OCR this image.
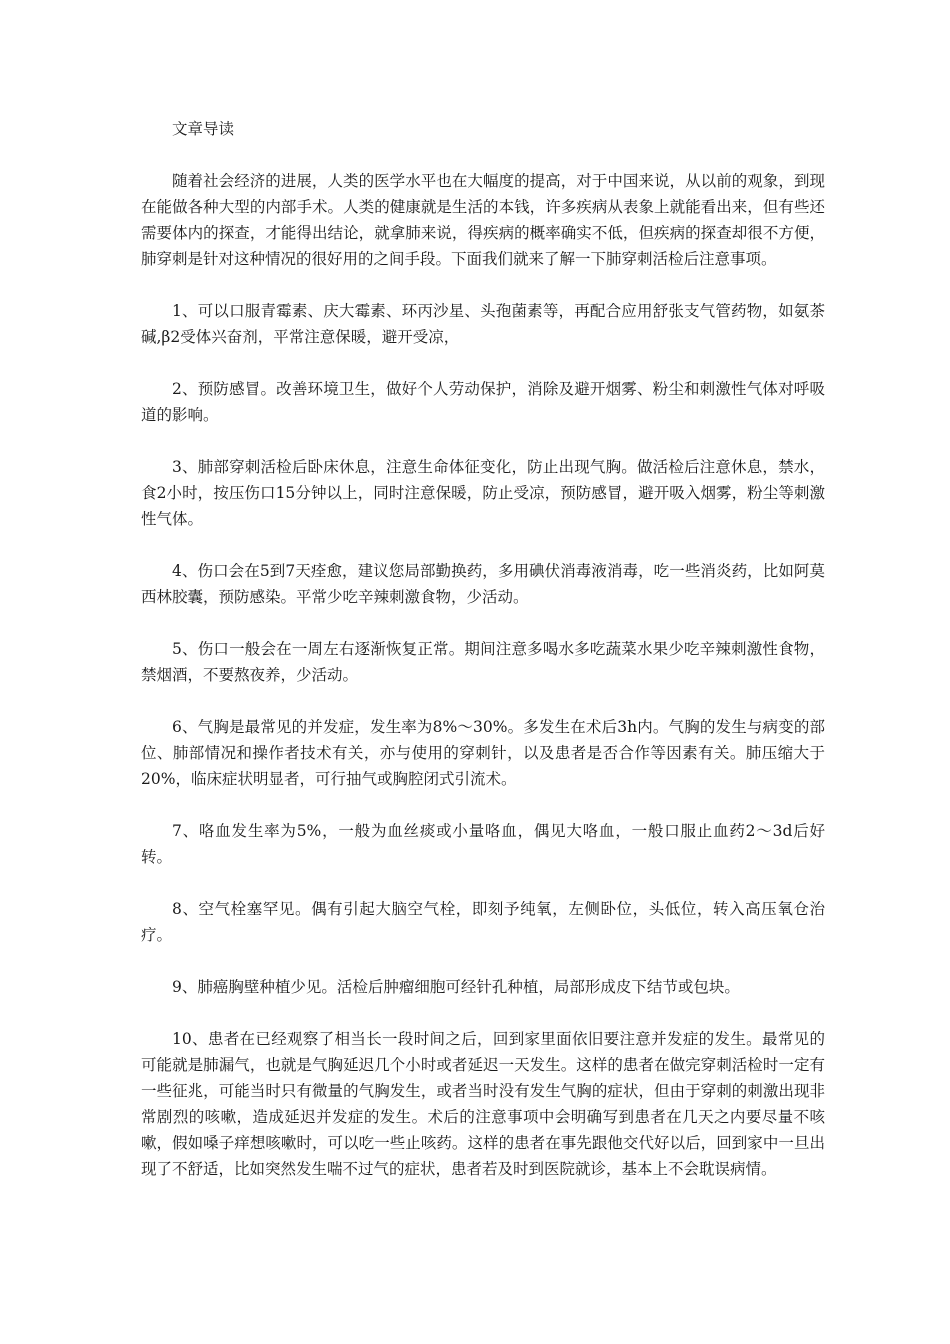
文章导读

随着社会经济的进展，人类的医学水平也在大幅度的提高，对于中国来说，从以前的观象，到现在能做各种大型的内部手术。人类的健康就是生活的本钱，许多疾病从表象上就能看出来，但有些还需要体内的探查，才能得出结论，就拿肺来说，得疾病的概率确实不低，但疾病的探查却很不方便，肺穿刺是针对这种情况的很好用的之间手段。下面我们就来了解一下肺穿刺活检后注意事项。

1、可以口服青霉素、庆大霉素、环丙沙星、头孢菌素等，再配合应用舒张支气管药物，如氨茶碱,β2受体兴奋剂，平常注意保暖，避开受凉，

2、预防感冒。改善环境卫生，做好个人劳动保护，消除及避开烟雾、粉尘和刺激性气体对呼吸道的影响。

3、肺部穿刺活检后卧床休息，注意生命体征变化，防止出现气胸。做活检后注意休息，禁水，食2小时，按压伤口15分钟以上，同时注意保暖，防止受凉，预防感冒，避开吸入烟雾，粉尘等刺激性气体。

4、伤口会在5到7天痊愈，建议您局部勤换药，多用碘伏消毒液消毒，吃一些消炎药，比如阿莫西林胶囊，预防感染。平常少吃辛辣刺激食物，少活动。

5、伤口一般会在一周左右逐渐恢复正常。期间注意多喝水多吃蔬菜水果少吃辛辣刺激性食物，禁烟酒，不要熬夜养，少活动。

6、气胸是最常见的并发症，发生率为8%～30%。多发生在术后3h内。气胸的发生与病变的部位、肺部情况和操作者技术有关，亦与使用的穿刺针，以及患者是否合作等因素有关。肺压缩大于20%，临床症状明显者，可行抽气或胸腔闭式引流术。

7、咯血发生率为5%，一般为血丝痰或小量咯血，偶见大咯血，一般口服止血药2～3d后好转。

8、空气栓塞罕见。偶有引起大脑空气栓，即刻予纯氧，左侧卧位，头低位，转入高压氧仓治疗。

9、肺癌胸壁种植少见。活检后肿瘤细胞可经针孔种植，局部形成皮下结节或包块。

10、患者在已经观察了相当长一段时间之后，回到家里面依旧要注意并发症的发生。最常见的可能就是肺漏气，也就是气胸延迟几个小时或者延迟一天发生。这样的患者在做完穿刺活检时一定有一些征兆，可能当时只有微量的气胸发生，或者当时没有发生气胸的症状，但由于穿刺的刺激出现非常剧烈的咳嗽，造成延迟并发症的发生。术后的注意事项中会明确写到患者在几天之内要尽量不咳嗽，假如嗓子痒想咳嗽时，可以吃一些止咳药。这样的患者在事先跟他交代好以后，回到家中一旦出现了不舒适，比如突然发生喘不过气的症状，患者若及时到医院就诊，基本上不会耽误病情。
